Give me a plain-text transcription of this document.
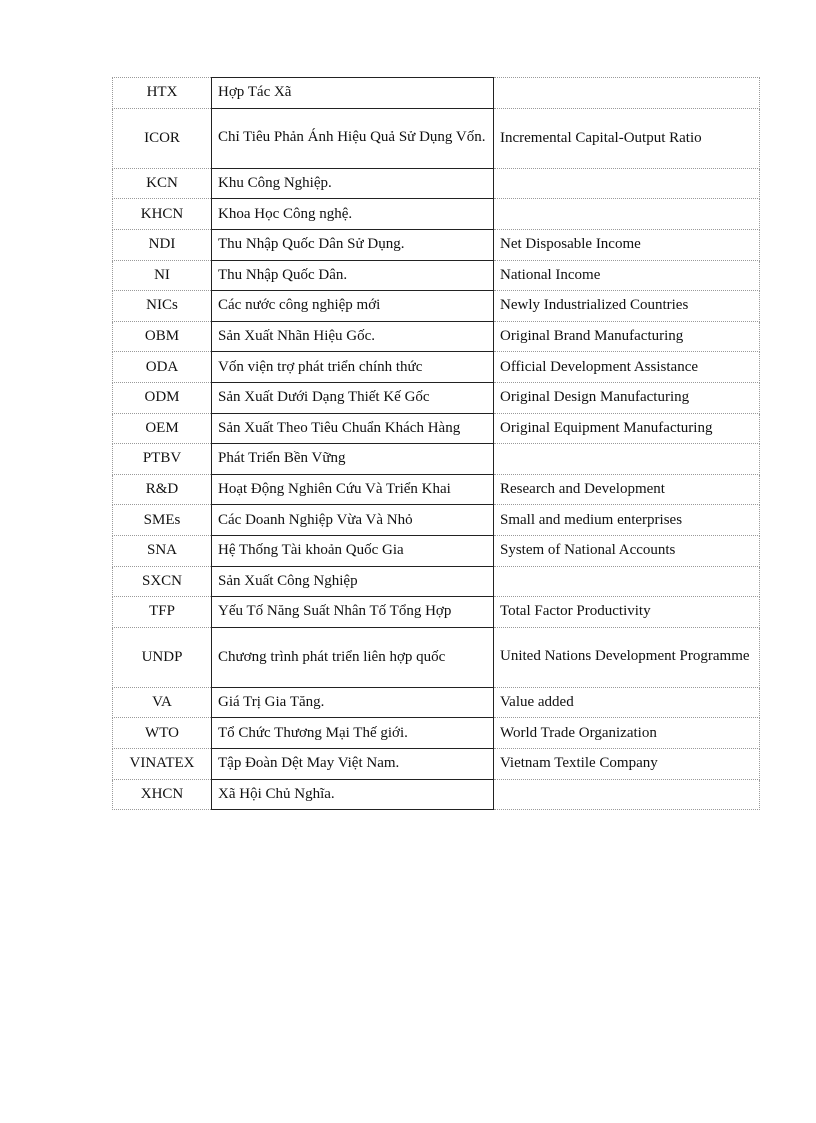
HTX	Hợp Tác Xã	
ICOR	Chỉ Tiêu Phản Ánh Hiệu Quả Sử Dụng Vốn.	Incremental Capital-Output Ratio
KCN	Khu Công Nghiệp.	
KHCN	Khoa Học Công nghệ.	
NDI	Thu Nhập Quốc Dân Sử Dụng.	Net Disposable Income
NI	Thu Nhập Quốc Dân.	National Income
NICs	Các nước công nghiệp mới	Newly Industrialized Countries
OBM	Sản Xuất Nhãn Hiệu Gốc.	Original Brand Manufacturing
ODA	Vốn viện trợ phát triển chính thức	Official Development Assistance
ODM	Sản Xuất Dưới Dạng Thiết Kế Gốc	Original Design Manufacturing
OEM	Sản Xuất Theo Tiêu Chuẩn Khách Hàng	Original Equipment Manufacturing
PTBV	Phát Triển Bền Vững	
R&D	Hoạt Động Nghiên Cứu Và Triển Khai	Research and Development
SMEs	Các Doanh Nghiệp Vừa Và Nhỏ	Small and medium enterprises
SNA	Hệ Thống Tài khoản Quốc Gia	System of National Accounts
SXCN	Sản Xuất Công Nghiệp	
TFP	Yếu Tố Năng Suất Nhân Tố Tổng Hợp	Total Factor Productivity
UNDP	Chương trình phát triển liên hợp quốc	United Nations Development Programme
VA	Giá Trị Gia Tăng.	Value added
WTO	Tổ Chức Thương Mại Thế giới.	World Trade Organization
VINATEX	Tập Đoàn Dệt May Việt Nam.	Vietnam Textile Company
XHCN	Xã Hội Chủ Nghĩa.	
